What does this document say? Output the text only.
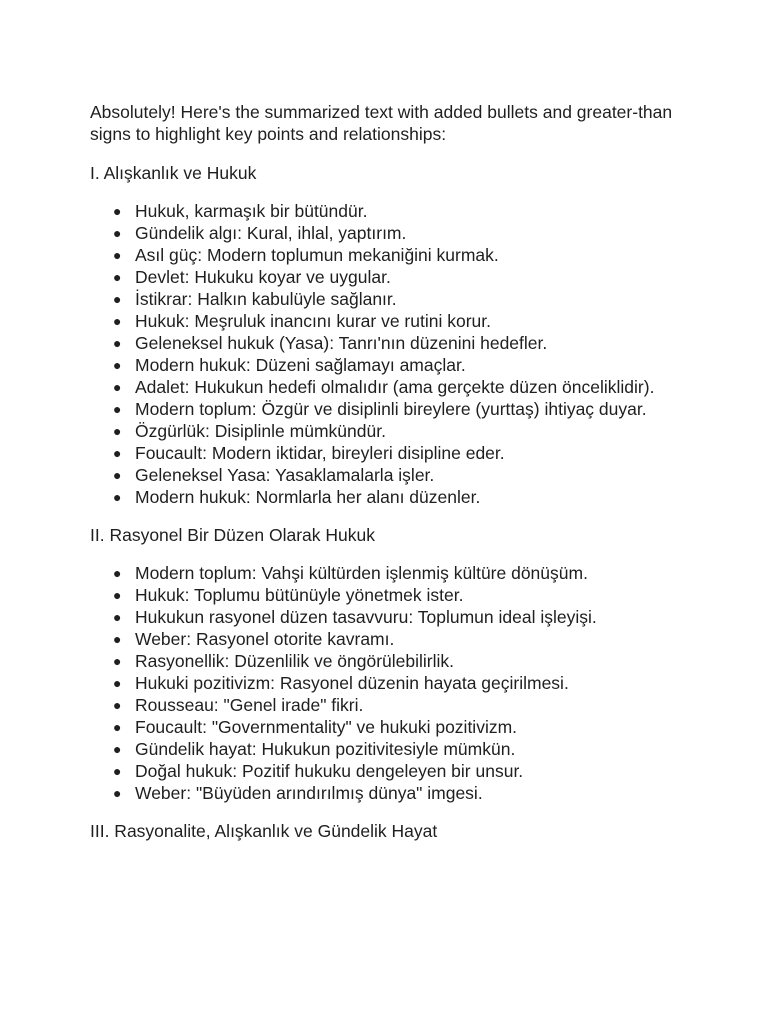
Absolutely! Here's the summarized text with added bullets and greater-than signs to highlight key points and relationships:

I. Alışkanlık ve Hukuk

● Hukuk, karmaşık bir bütündür.
● Gündelik algı: Kural, ihlal, yaptırım.
● Asıl güç: Modern toplumun mekaniğini kurmak.
● Devlet: Hukuku koyar ve uygular.
● İstikrar: Halkın kabulüyle sağlanır.
● Hukuk: Meşruluk inancını kurar ve rutini korur.
● Geleneksel hukuk (Yasa): Tanrı'nın düzenini hedefler.
● Modern hukuk: Düzeni sağlamayı amaçlar.
● Adalet: Hukukun hedefi olmalıdır (ama gerçekte düzen önceliklidir).
● Modern toplum: Özgür ve disiplinli bireylere (yurttaş) ihtiyaç duyar.
● Özgürlük: Disiplinle mümkündür.
● Foucault: Modern iktidar, bireyleri disipline eder.
● Geleneksel Yasa: Yasaklamalarla işler.
● Modern hukuk: Normlarla her alanı düzenler.

II. Rasyonel Bir Düzen Olarak Hukuk

● Modern toplum: Vahşi kültürden işlenmiş kültüre dönüşüm.
● Hukuk: Toplumu bütünüyle yönetmek ister.
● Hukukun rasyonel düzen tasavvuru: Toplumun ideal işleyişi.
● Weber: Rasyonel otorite kavramı.
● Rasyonellik: Düzenlilik ve öngörülebilirlik.
● Hukuki pozitivizm: Rasyonel düzenin hayata geçirilmesi.
● Rousseau: "Genel irade" fikri.
● Foucault: "Governmentality" ve hukuki pozitivizm.
● Gündelik hayat: Hukukun pozitivitesiyle mümkün.
● Doğal hukuk: Pozitif hukuku dengeleyen bir unsur.
● Weber: "Büyüden arındırılmış dünya" imgesi.

III. Rasyonalite, Alışkanlık ve Gündelik Hayat
